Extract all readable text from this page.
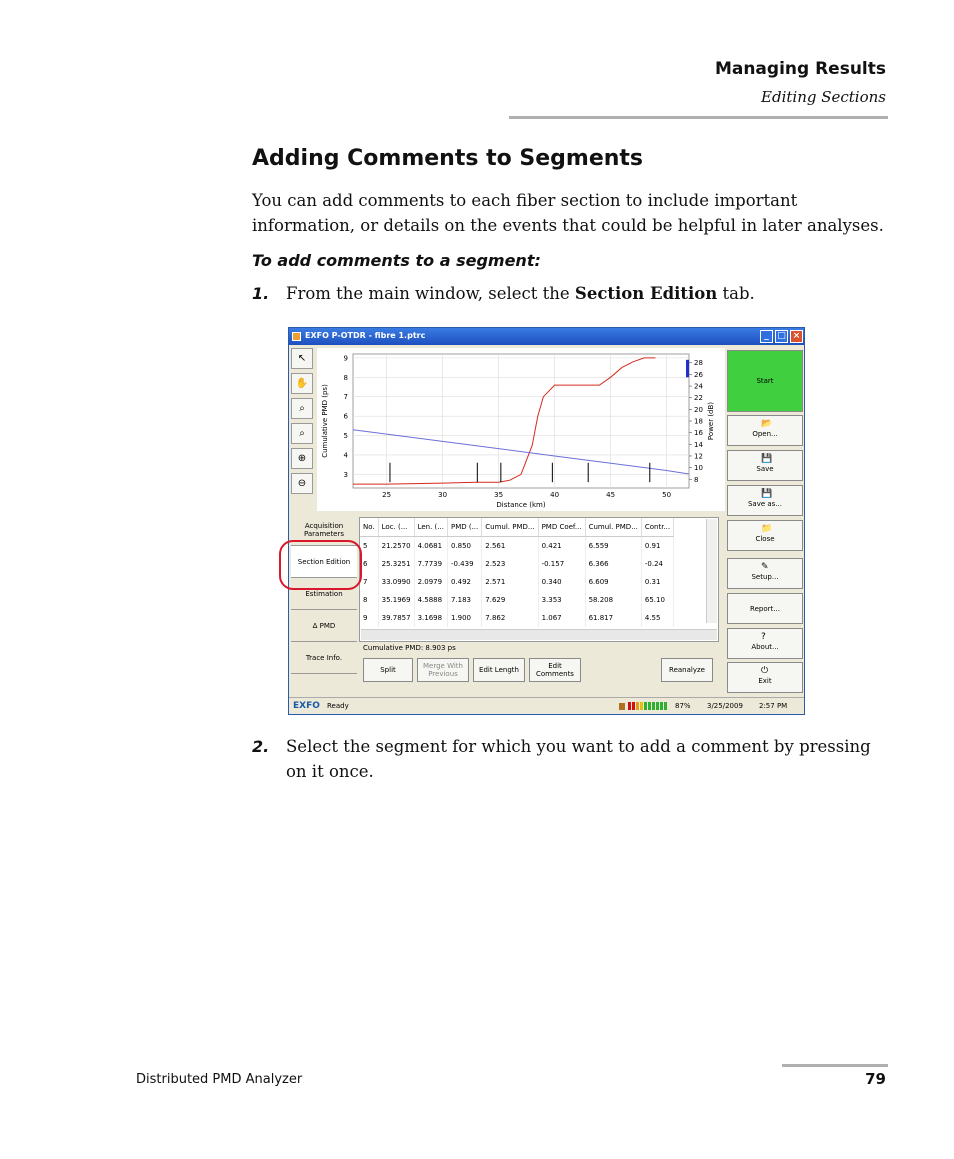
Managing Results
Editing Sections
Adding Comments to Segments

You can add comments to each fiber section to include important information, or details on the events that could be helpful in later analyses.

To add comments to a segment:
1. From the main window, select the Section Edition tab.
EXFO P-OTDR - fibre 1.ptrc	_ □ ×
↖
✋
⌕
⌕
⊕
⊖
25	30	35	40	45	50
3
4
5
6
7
8
9
8
10
12
14
16
18
20
22
24
26
28
Distance (km)
Cumulative PMD (ps)	Power (dB)
Acquisition Parameters
Section Edition
Estimation
Δ PMD
Trace Info.
No.	Loc. (...	Len. (...	PMD (...	Cumul. PMD...	PMD Coef...	Cumul. PMD...	Contr...
5	21.2570	4.0681	0.850	2.561	0.421	6.559	0.91
6	25.3251	7.7739	-0.439	2.523	-0.157	6.366	-0.24
7	33.0990	2.0979	0.492	2.571	0.340	6.609	0.31
8	35.1969	4.5888	7.183	7.629	3.353	58.208	65.10
9	39.7857	3.1698	1.900	7.862	1.067	61.817	4.55
Cumulative PMD: 8.903 ps
Split	Merge With Previous	Edit Length	Edit Comments	Reanalyze
Start
📂
Open...
💾
Save
💾
Save as...
📁
Close
✎
Setup...
Report...
?
About...
⏻
Exit
EXFO Ready	87% 3/25/2009 2:57 PM
2. Select the segment for which you want to add a comment by pressing on it once.
Distributed PMD Analyzer	79
